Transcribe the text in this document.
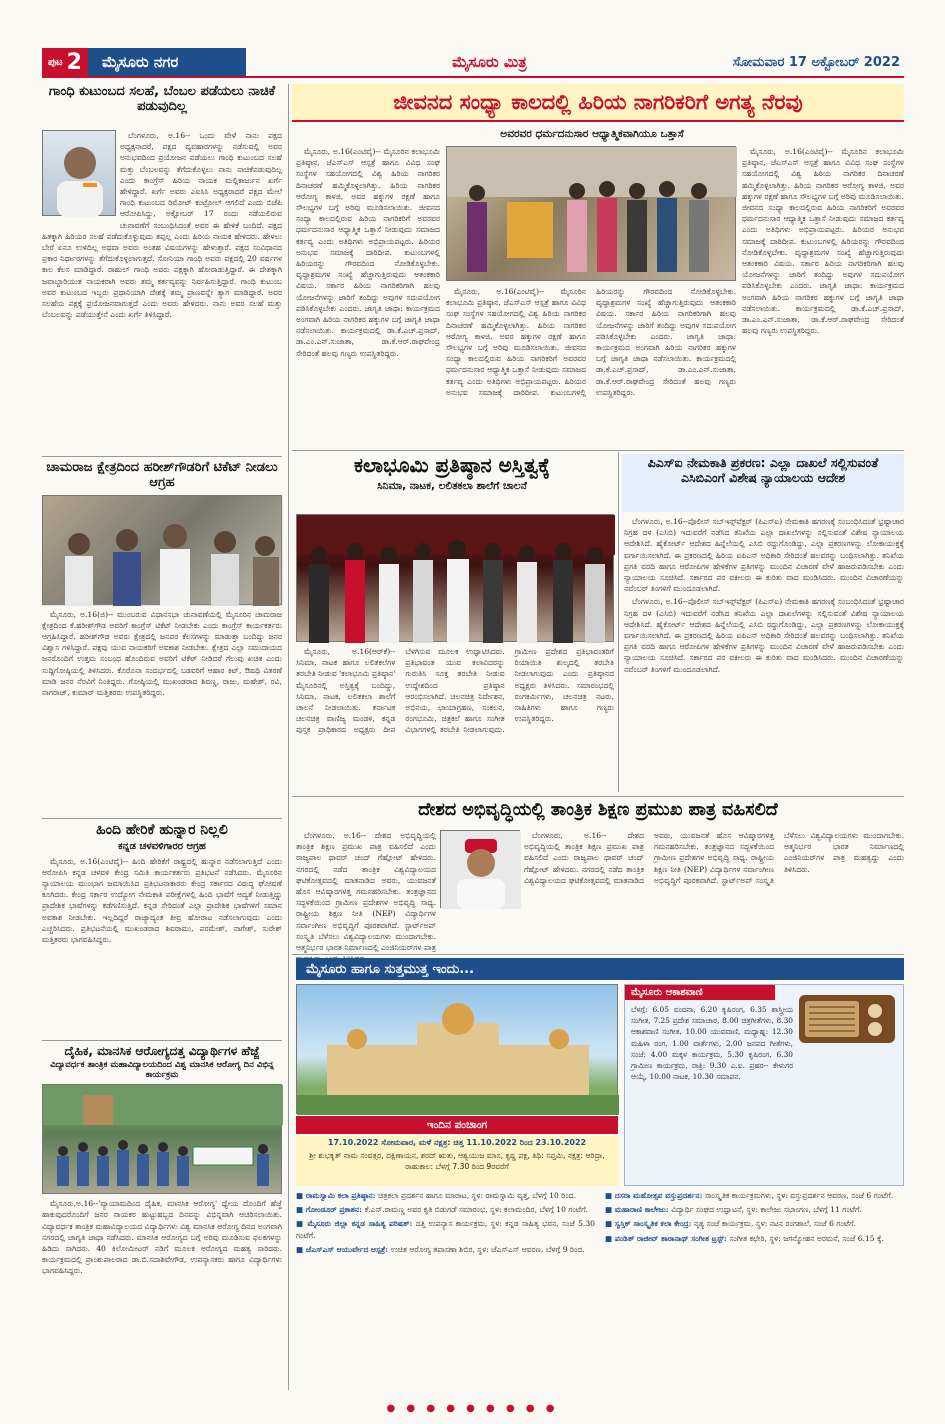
ಪುಟ 2	ಮೈಸೂರು ನಗರ	ಮೈಸೂರು ಮಿತ್ರ	ಸೋಮವಾರ 17 ಅಕ್ಟೋಬರ್ 2022
ಗಾಂಧಿ ಕುಟುಂಬದ ಸಲಹೆ, ಬೆಂಬಲ ಪಡೆಯಲು ನಾಚಿಕೆ ಪಡುವುದಿಲ್ಲ

ಬೆಂಗಳೂರು, ಅ.16-- ಒಂದು ವೇಳೆ ನಾನು ಪಕ್ಷದ ಅಧ್ಯಕ್ಷನಾದರೆ, ಪಕ್ಷದ ವ್ಯವಹಾರಗಳನ್ನು ನಡೆಸುವಲ್ಲಿ ಅವರ ಅನುಭವದಿಂದ ಪ್ರಯೋಜನ ಪಡೆಯಲು ಗಾಂಧಿ ಕುಟುಂಬದ ಸಲಹೆ ಮತ್ತು ಬೆಂಬಲವನ್ನು ತೆಗೆದುಕೊಳ್ಳಲು ನಾನು ನಾಚಿಕೆಪಡುವುದಿಲ್ಲ ಎಂದು ಕಾಂಗ್ರೆಸ್ ಹಿರಿಯ ನಾಯಕ ಮಲ್ಲಿಕಾರ್ಜುನ ಖರ್ಗೆ ಹೇಳಿದ್ದಾರೆ. ಖರ್ಗೆ ಅವರು ಎಐಸಿಸಿ ಅಧ್ಯಕ್ಷರಾದರೆ ಪಕ್ಷದ ಮೇಲೆ ಗಾಂಧಿ ಕುಟುಂಬದ ರಿಮೋಟ್ ಕಂಟ್ರೋಲ್ ಆಗಲಿದೆ ಎಂದು ಬಿಜೆಪಿ ಆರೋಪಿಸಿದ್ದು, ಅಕ್ಟೋಬರ್ 17 ರಂದು ನಡೆಯಲಿರುವ ಚುನಾವಣೆಗೆ ಸಂಬಂಧಿಸಿದಂತೆ ಅವರ ಈ ಹೇಳಿಕೆ ಬಂದಿದೆ. ಪಕ್ಷದ ಹಿತಕ್ಕಾಗಿ ಹಿರಿಯರ ಸಲಹೆ ಪಡೆದುಕೊಳ್ಳುವುದು ತಪ್ಪಲ್ಲ ಎಂದು ಹಿರಿಯ ನಾಯಕ ಹೇಳಿದರು. ಹೇಳಲು ಬೇರೆ ಏನೂ ಉಳಿದಿಲ್ಲ ಅಥವಾ ಅವರು ಅಂತಹ ವಿಷಯಗಳನ್ನು ಹೇಳುತ್ತಾರೆ. ಪಕ್ಷದ ಸಂವಿಧಾನದ ಪ್ರಕಾರ ನಿರ್ಧಾರಗಳನ್ನು ತೆಗೆದುಕೊಳ್ಳಲಾಗುತ್ತದೆ. ಸೋನಿಯಾ ಗಾಂಧಿ ಅವರು ಪಕ್ಷದಲ್ಲಿ 20 ವರ್ಷಗಳ ಕಾಲ ಕೆಲಸ ಮಾಡಿದ್ದಾರೆ. ರಾಹುಲ್ ಗಾಂಧಿ ಅವರು ಪಕ್ಷಕ್ಕಾಗಿ ಹೋರಾಡುತ್ತಿದ್ದಾರೆ. ಈ ದೇಶಕ್ಕಾಗಿ ಜವಾಬ್ದಾರಿಯುತ ನಾಯಕರಾಗಿ ಅವರು ತಮ್ಮ ಕರ್ತವ್ಯವನ್ನು ನಿರ್ವಹಿಸುತ್ತಿದ್ದಾರೆ. ಗಾಂಧಿ ಕುಟುಂಬ ಅವರ ಕುಟುಂಬದ ಇಬ್ಬರು ಪ್ರಧಾನಿಯಾಗಿ ದೇಶಕ್ಕೆ ತಮ್ಮ ಪ್ರಾಣವನ್ನೇ ತ್ಯಾಗ ಮಾಡಿದ್ದಾರೆ. ಅವರ ಸಲಹೆಯ ಪಕ್ಷಕ್ಕೆ ಪ್ರಯೋಜನವಾಗುತ್ತದೆ ಎಂದು ಅವರು ಹೇಳಿದರು. ನಾನು ಅವರ ಸಲಹೆ ಮತ್ತು ಬೆಂಬಲವನ್ನು ಪಡೆಯುತ್ತೇನೆ ಎಂದು ಖರ್ಗೆ ತಿಳಿಸಿದ್ದಾರೆ.

ಚಾಮರಾಜ ಕ್ಷೇತ್ರದಿಂದ ಹರೀಶ್‌ಗೌಡರಿಗೆ ಟಿಕೆಟ್ ನೀಡಲು ಆಗ್ರಹ

ಮೈಸೂರು, ಅ.16(ಜಿ)-- ಮುಂಬರುವ ವಿಧಾನಸಭಾ ಚುನಾವಣೆಯಲ್ಲಿ ಮೈಸೂರಿನ ಚಾಮರಾಜ ಕ್ಷೇತ್ರದಿಂದ ಕೆ.ಹರೀಶ್‌ಗೌಡ ಅವರಿಗೆ ಕಾಂಗ್ರೆಸ್ ಟಿಕೆಟ್ ನೀಡಬೇಕು ಎಂದು ಕಾಂಗ್ರೆಸ್ ಕಾರ್ಯಕರ್ತರು ಆಗ್ರಹಿಸಿದ್ದಾರೆ. ಹರೀಶ್‌ಗೌಡ ಅವರು ಕ್ಷೇತ್ರದಲ್ಲಿ ಜನಪರ ಕೆಲಸಗಳನ್ನು ಮಾಡುತ್ತಾ ಬಂದಿದ್ದು ಜನರ ವಿಶ್ವಾಸ ಗಳಿಸಿದ್ದಾರೆ. ಪಕ್ಷವು ಯುವ ನಾಯಕರಿಗೆ ಅವಕಾಶ ನೀಡಬೇಕು. ಕ್ಷೇತ್ರದ ಎಲ್ಲಾ ಸಮುದಾಯದ ಜನರೊಂದಿಗೆ ಉತ್ತಮ ಸಂಬಂಧ ಹೊಂದಿರುವ ಅವರಿಗೆ ಟಿಕೆಟ್ ನೀಡಿದರೆ ಗೆಲುವು ಖಚಿತ ಎಂದು ಸುದ್ದಿಗೋಷ್ಠಿಯಲ್ಲಿ ತಿಳಿಸಿದರು. ಕೊರೊನಾ ಸಂದರ್ಭದಲ್ಲಿ ಬಡವರಿಗೆ ಆಹಾರ ಕಿಟ್, ಔಷಧಿ ವಿತರಣೆ ಮಾಡಿ ಜನರ ನೆರವಿಗೆ ನಿಂತಿದ್ದರು. ಗೋಷ್ಠಿಯಲ್ಲಿ ಮುಖಂಡರಾದ ಶಿವಣ್ಣ, ರಾಜು, ಮಹೇಶ್, ರವಿ, ನಾಗರಾಜ್, ಕುಮಾರ್ ಮತ್ತಿತರರು ಉಪಸ್ಥಿತರಿದ್ದರು.

ಹಿಂದಿ ಹೇರಿಕೆ ಹುನ್ನಾರ ನಿಲ್ಲಲಿ
ಕನ್ನಡ ಚಳವಳಿಗಾರರ ಆಗ್ರಹ

ಮೈಸೂರು, ಅ.16(ಎಂಟಿವೈ)-- ಹಿಂದಿ ಹೇರಿಕೆಗೆ ರಾಷ್ಟ್ರದಲ್ಲಿ ಹುನ್ನಾರ ನಡೆಸಲಾಗುತ್ತಿದೆ ಎಂದು ಆರೋಪಿಸಿ ಕನ್ನಡ ಚಳವಳಿ ಕೇಂದ್ರ ಸಮಿತಿ ಕಾರ್ಯಕರ್ತರು ಪ್ರತಿಭಟನೆ ನಡೆಸಿದರು. ಮೈಸೂರಿನ ನ್ಯಾಯಾಲಯ ಮುಂಭಾಗ ಜಮಾಯಿಸಿದ ಪ್ರತಿಭಟನಾಕಾರರು ಕೇಂದ್ರ ಸರ್ಕಾರದ ವಿರುದ್ಧ ಘೋಷಣೆ ಕೂಗಿದರು. ಕೇಂದ್ರ ಸರ್ಕಾರ ಉದ್ಯೋಗ ನೇಮಕಾತಿ ಪರೀಕ್ಷೆಗಳಲ್ಲಿ ಹಿಂದಿ ಭಾಷೆಗೆ ಆದ್ಯತೆ ನೀಡುತ್ತಿದ್ದು ಪ್ರಾದೇಶಿಕ ಭಾಷೆಗಳನ್ನು ಕಡೆಗಣಿಸುತ್ತಿದೆ. ಕನ್ನಡ ಸೇರಿದಂತೆ ಎಲ್ಲಾ ಪ್ರಾದೇಶಿಕ ಭಾಷೆಗಳಿಗೆ ಸಮಾನ ಅವಕಾಶ ನೀಡಬೇಕು. ಇಲ್ಲದಿದ್ದರೆ ರಾಜ್ಯಾದ್ಯಂತ ತೀವ್ರ ಹೋರಾಟ ನಡೆಸಲಾಗುವುದು ಎಂದು ಎಚ್ಚರಿಸಿದರು. ಪ್ರತಿಭಟನೆಯಲ್ಲಿ ಮುಖಂಡರಾದ ಶಿವರಾಮು, ಪರಮೇಶ್, ನಾಗೇಶ್, ಸುರೇಶ್ ಮತ್ತಿತರರು ಭಾಗವಹಿಸಿದ್ದರು.

ದೈಹಿಕ, ಮಾನಸಿಕ ಆರೋಗ್ಯದತ್ತ ವಿದ್ಯಾರ್ಥಿಗಳ ಹೆಜ್ಜೆ
ವಿದ್ಯಾವರ್ಧಕ ತಾಂತ್ರಿಕ ಮಹಾವಿದ್ಯಾಲಯದಿಂದ ವಿಶ್ವ ಮಾನಸಿಕ ಆರೋಗ್ಯ ದಿನ ವಿಭಿನ್ನ ಕಾರ್ಯಕ್ರಮ

ಮೈಸೂರು,ಅ.16--'ವ್ಯಾಯಾಮದಿಂದ ದೈಹಿಕ, ಮಾನಸಿಕ ಆರೋಗ್ಯ' ಧ್ಯೇಯ ದೊಂದಿಗೆ ಹೆಜ್ಜೆ ಹಾಕುವುದರೊಂದಿಗೆ ಜನರ ನಾಯಕರ ಹುಟ್ಟುಹಬ್ಬದ ದಿನವನ್ನು ವಿಭಿನ್ನವಾಗಿ ಆಚರಿಸಲಾಯಿತು. ವಿದ್ಯಾವರ್ಧಕ ತಾಂತ್ರಿಕ ಮಹಾವಿದ್ಯಾಲಯದ ವಿದ್ಯಾರ್ಥಿಗಳು ವಿಶ್ವ ಮಾನಸಿಕ ಆರೋಗ್ಯ ದಿನದ ಅಂಗವಾಗಿ ನಗರದಲ್ಲಿ ಜಾಗೃತಿ ಜಾಥಾ ನಡೆಸಿದರು. ಮಾನಸಿಕ ಆರೋಗ್ಯದ ಬಗ್ಗೆ ಅರಿವು ಮೂಡಿಸುವ ಫಲಕಗಳನ್ನು ಹಿಡಿದು ಸಾಗಿದರು. 40 ಕಿಲೋಮೀಟರ್ ನಡಿಗೆ ಮೂಲಕ ಆರೋಗ್ಯದ ಮಹತ್ವ ಸಾರಿದರು. ಕಾರ್ಯಕ್ರಮದಲ್ಲಿ ಪ್ರಾಂಶುಪಾಲರಾದ ಡಾ.ಬಿ.ಸದಾಶಿವೇಗೌಡ, ಉಪನ್ಯಾಸಕರು ಹಾಗೂ ವಿದ್ಯಾರ್ಥಿಗಳು ಭಾಗವಹಿಸಿದ್ದರು.

ಜೀವನದ ಸಂಧ್ಯಾ ಕಾಲದಲ್ಲಿ ಹಿರಿಯ ನಾಗರಿಕರಿಗೆ ಅಗತ್ಯ ನೆರವು
ಅವರವರ ಧರ್ಮದನುಸಾರ ಆಧ್ಯಾತ್ಮಿಕವಾಗಿಯೂ ಒತ್ತಾಸೆ

ಮೈಸೂರು, ಅ.16(ಎಂಟಿವೈ)-- ಮೈಸೂರಿನ ಕಲಾಭೂಮಿ ಪ್ರತಿಷ್ಠಾನ, ಜೆಎಸ್‌ಎಸ್ ಆಸ್ಪತ್ರೆ ಹಾಗೂ ವಿವಿಧ ಸಂಘ ಸಂಸ್ಥೆಗಳ ಸಹಯೋಗದಲ್ಲಿ ವಿಶ್ವ ಹಿರಿಯ ನಾಗರಿಕರ ದಿನಾಚರಣೆ ಹಮ್ಮಿಕೊಳ್ಳಲಾಗಿತ್ತು. ಹಿರಿಯ ನಾಗರಿಕರ ಆರೋಗ್ಯ ಕಾಳಜಿ, ಅವರ ಹಕ್ಕುಗಳ ರಕ್ಷಣೆ ಹಾಗೂ ಸೌಲಭ್ಯಗಳ ಬಗ್ಗೆ ಅರಿವು ಮೂಡಿಸಲಾಯಿತು. ಜೀವನದ ಸಂಧ್ಯಾ ಕಾಲದಲ್ಲಿರುವ ಹಿರಿಯ ನಾಗರಿಕರಿಗೆ ಅವರವರ ಧರ್ಮದನುಸಾರ ಆಧ್ಯಾತ್ಮಿಕ ಒತ್ತಾಸೆ ನೀಡುವುದು ಸಮಾಜದ ಕರ್ತವ್ಯ ಎಂದು ಅತಿಥಿಗಳು ಅಭಿಪ್ರಾಯಪಟ್ಟರು. ಹಿರಿಯರ ಅನುಭವ ಸಮಾಜಕ್ಕೆ ದಾರಿದೀಪ. ಕುಟುಂಬಗಳಲ್ಲಿ ಹಿರಿಯರನ್ನು ಗೌರವದಿಂದ ನೋಡಿಕೊಳ್ಳಬೇಕು. ವೃದ್ಧಾಶ್ರಮಗಳ ಸಂಖ್ಯೆ ಹೆಚ್ಚಾಗುತ್ತಿರುವುದು ಆತಂಕಕಾರಿ ವಿಷಯ. ಸರ್ಕಾರ ಹಿರಿಯ ನಾಗರಿಕರಿಗಾಗಿ ಹಲವು ಯೋಜನೆಗಳನ್ನು ಜಾರಿಗೆ ತಂದಿದ್ದು ಅವುಗಳ ಸದುಪಯೋಗ ಪಡಿಸಿಕೊಳ್ಳಬೇಕು ಎಂದರು. ಜಾಗೃತಿ ಜಾಥಾ: ಕಾರ್ಯಕ್ರಮದ ಅಂಗವಾಗಿ ಹಿರಿಯ ನಾಗರಿಕರ ಹಕ್ಕುಗಳ ಬಗ್ಗೆ ಜಾಗೃತಿ ಜಾಥಾ ನಡೆಸಲಾಯಿತು. ಕಾರ್ಯಕ್ರಮದಲ್ಲಿ ಡಾ.ಕೆ.ಎಚ್.ಪ್ರಸಾದ್, ಡಾ.ಎಂ.ಎನ್.ಸುಜಾತಾ, ಡಾ.ಕೆ.ಆರ್.ರಾಘವೇಂದ್ರ ಸೇರಿದಂತೆ ಹಲವು ಗಣ್ಯರು ಉಪಸ್ಥಿತರಿದ್ದರು.

ಮೈಸೂರು, ಅ.16(ಎಂಟಿವೈ)-- ಮೈಸೂರಿನ ಕಲಾಭೂಮಿ ಪ್ರತಿಷ್ಠಾನ, ಜೆಎಸ್‌ಎಸ್ ಆಸ್ಪತ್ರೆ ಹಾಗೂ ವಿವಿಧ ಸಂಘ ಸಂಸ್ಥೆಗಳ ಸಹಯೋಗದಲ್ಲಿ ವಿಶ್ವ ಹಿರಿಯ ನಾಗರಿಕರ ದಿನಾಚರಣೆ ಹಮ್ಮಿಕೊಳ್ಳಲಾಗಿತ್ತು. ಹಿರಿಯ ನಾಗರಿಕರ ಆರೋಗ್ಯ ಕಾಳಜಿ, ಅವರ ಹಕ್ಕುಗಳ ರಕ್ಷಣೆ ಹಾಗೂ ಸೌಲಭ್ಯಗಳ ಬಗ್ಗೆ ಅರಿವು ಮೂಡಿಸಲಾಯಿತು. ಜೀವನದ ಸಂಧ್ಯಾ ಕಾಲದಲ್ಲಿರುವ ಹಿರಿಯ ನಾಗರಿಕರಿಗೆ ಅವರವರ ಧರ್ಮದನುಸಾರ ಆಧ್ಯಾತ್ಮಿಕ ಒತ್ತಾಸೆ ನೀಡುವುದು ಸಮಾಜದ ಕರ್ತವ್ಯ ಎಂದು ಅತಿಥಿಗಳು ಅಭಿಪ್ರಾಯಪಟ್ಟರು. ಹಿರಿಯರ ಅನುಭವ ಸಮಾಜಕ್ಕೆ ದಾರಿದೀಪ. ಕುಟುಂಬಗಳಲ್ಲಿ ಹಿರಿಯರನ್ನು ಗೌರವದಿಂದ ನೋಡಿಕೊಳ್ಳಬೇಕು. ವೃದ್ಧಾಶ್ರಮಗಳ ಸಂಖ್ಯೆ ಹೆಚ್ಚಾಗುತ್ತಿರುವುದು ಆತಂಕಕಾರಿ ವಿಷಯ. ಸರ್ಕಾರ ಹಿರಿಯ ನಾಗರಿಕರಿಗಾಗಿ ಹಲವು ಯೋಜನೆಗಳನ್ನು ಜಾರಿಗೆ ತಂದಿದ್ದು ಅವುಗಳ ಸದುಪಯೋಗ ಪಡಿಸಿಕೊಳ್ಳಬೇಕು ಎಂದರು. ಜಾಗೃತಿ ಜಾಥಾ: ಕಾರ್ಯಕ್ರಮದ ಅಂಗವಾಗಿ ಹಿರಿಯ ನಾಗರಿಕರ ಹಕ್ಕುಗಳ ಬಗ್ಗೆ ಜಾಗೃತಿ ಜಾಥಾ ನಡೆಸಲಾಯಿತು. ಕಾರ್ಯಕ್ರಮದಲ್ಲಿ ಡಾ.ಕೆ.ಎಚ್.ಪ್ರಸಾದ್, ಡಾ.ಎಂ.ಎನ್.ಸುಜಾತಾ, ಡಾ.ಕೆ.ಆರ್.ರಾಘವೇಂದ್ರ ಸೇರಿದಂತೆ ಹಲವು ಗಣ್ಯರು ಉಪಸ್ಥಿತರಿದ್ದರು.

ಮೈಸೂರು, ಅ.16(ಎಂಟಿವೈ)-- ಮೈಸೂರಿನ ಕಲಾಭೂಮಿ ಪ್ರತಿಷ್ಠಾನ, ಜೆಎಸ್‌ಎಸ್ ಆಸ್ಪತ್ರೆ ಹಾಗೂ ವಿವಿಧ ಸಂಘ ಸಂಸ್ಥೆಗಳ ಸಹಯೋಗದಲ್ಲಿ ವಿಶ್ವ ಹಿರಿಯ ನಾಗರಿಕರ ದಿನಾಚರಣೆ ಹಮ್ಮಿಕೊಳ್ಳಲಾಗಿತ್ತು. ಹಿರಿಯ ನಾಗರಿಕರ ಆರೋಗ್ಯ ಕಾಳಜಿ, ಅವರ ಹಕ್ಕುಗಳ ರಕ್ಷಣೆ ಹಾಗೂ ಸೌಲಭ್ಯಗಳ ಬಗ್ಗೆ ಅರಿವು ಮೂಡಿಸಲಾಯಿತು. ಜೀವನದ ಸಂಧ್ಯಾ ಕಾಲದಲ್ಲಿರುವ ಹಿರಿಯ ನಾಗರಿಕರಿಗೆ ಅವರವರ ಧರ್ಮದನುಸಾರ ಆಧ್ಯಾತ್ಮಿಕ ಒತ್ತಾಸೆ ನೀಡುವುದು ಸಮಾಜದ ಕರ್ತವ್ಯ ಎಂದು ಅತಿಥಿಗಳು ಅಭಿಪ್ರಾಯಪಟ್ಟರು. ಹಿರಿಯರ ಅನುಭವ ಸಮಾಜಕ್ಕೆ ದಾರಿದೀಪ. ಕುಟುಂಬಗಳಲ್ಲಿ ಹಿರಿಯರನ್ನು ಗೌರವದಿಂದ ನೋಡಿಕೊಳ್ಳಬೇಕು. ವೃದ್ಧಾಶ್ರಮಗಳ ಸಂಖ್ಯೆ ಹೆಚ್ಚಾಗುತ್ತಿರುವುದು ಆತಂಕಕಾರಿ ವಿಷಯ. ಸರ್ಕಾರ ಹಿರಿಯ ನಾಗರಿಕರಿಗಾಗಿ ಹಲವು ಯೋಜನೆಗಳನ್ನು ಜಾರಿಗೆ ತಂದಿದ್ದು ಅವುಗಳ ಸದುಪಯೋಗ ಪಡಿಸಿಕೊಳ್ಳಬೇಕು ಎಂದರು. ಜಾಗೃತಿ ಜಾಥಾ: ಕಾರ್ಯಕ್ರಮದ ಅಂಗವಾಗಿ ಹಿರಿಯ ನಾಗರಿಕರ ಹಕ್ಕುಗಳ ಬಗ್ಗೆ ಜಾಗೃತಿ ಜಾಥಾ ನಡೆಸಲಾಯಿತು. ಕಾರ್ಯಕ್ರಮದಲ್ಲಿ ಡಾ.ಕೆ.ಎಚ್.ಪ್ರಸಾದ್, ಡಾ.ಎಂ.ಎನ್.ಸುಜಾತಾ, ಡಾ.ಕೆ.ಆರ್.ರಾಘವೇಂದ್ರ ಸೇರಿದಂತೆ ಹಲವು ಗಣ್ಯರು ಉಪಸ್ಥಿತರಿದ್ದರು.

ಕಲಾಭೂಮಿ ಪ್ರತಿಷ್ಠಾನ ಅಸ್ತಿತ್ವಕ್ಕೆ
ಸಿನಿಮಾ, ನಾಟಕ, ಲಲಿತಕಲಾ ಶಾಲೆಗೆ ಚಾಲನೆ

ಮೈಸೂರು, ಅ.16(ಆರ್‌ಕೆ)-- ಸಿನಿಮಾ, ನಾಟಕ ಹಾಗೂ ಲಲಿತಕಲೆಗಳ ತರಬೇತಿ ನೀಡುವ 'ಕಲಾಭೂಮಿ ಪ್ರತಿಷ್ಠಾನ' ಮೈಸೂರಿನಲ್ಲಿ ಅಸ್ತಿತ್ವಕ್ಕೆ ಬಂದಿದ್ದು, ಸಿನಿಮಾ, ನಾಟಕ, ಲಲಿತಕಲಾ ಶಾಲೆಗೆ ಚಾಲನೆ ನೀಡಲಾಯಿತು. ಕರ್ನಾಟಕ ಚಲನಚಿತ್ರ ವಾಣಿಜ್ಯ ಮಂಡಳಿ, ಕನ್ನಡ ಪುಸ್ತಕ ಪ್ರಾಧಿಕಾರದ ಅಧ್ಯಕ್ಷರು ದೀಪ ಬೆಳಗಿಸುವ ಮೂಲಕ ಉದ್ಘಾಟಿಸಿದರು. ಪ್ರತಿಭಾವಂತ ಯುವ ಕಲಾವಿದರನ್ನು ಗುರುತಿಸಿ ಸೂಕ್ತ ತರಬೇತಿ ನೀಡುವ ಉದ್ದೇಶದಿಂದ ಪ್ರತಿಷ್ಠಾನ ಆರಂಭಿಸಲಾಗಿದೆ. ಚಲನಚಿತ್ರ ನಿರ್ದೇಶನ, ಅಭಿನಯ, ಛಾಯಾಗ್ರಹಣ, ಸಂಕಲನ, ರಂಗಭೂಮಿ, ಚಿತ್ರಕಲೆ ಹಾಗೂ ಸಂಗೀತ ವಿಭಾಗಗಳಲ್ಲಿ ತರಬೇತಿ ನೀಡಲಾಗುವುದು. ಗ್ರಾಮೀಣ ಪ್ರದೇಶದ ಪ್ರತಿಭಾವಂತರಿಗೆ ರಿಯಾಯಿತಿ ಶುಲ್ಕದಲ್ಲಿ ತರಬೇತಿ ನೀಡಲಾಗುವುದು ಎಂದು ಪ್ರತಿಷ್ಠಾನದ ಅಧ್ಯಕ್ಷರು ತಿಳಿಸಿದರು. ಸಮಾರಂಭದಲ್ಲಿ ರಂಗಕರ್ಮಿಗಳು, ಚಲನಚಿತ್ರ ನಟರು, ಸಾಹಿತಿಗಳು ಹಾಗೂ ಗಣ್ಯರು ಉಪಸ್ಥಿತರಿದ್ದರು.

ಪಿಎಸ್‌ಐ ನೇಮಕಾತಿ ಪ್ರಕರಣ: ಎಲ್ಲಾ ದಾಖಲೆ ಸಲ್ಲಿಸುವಂತೆ ಎಸಿಬಿಎಂಗೆ ವಿಶೇಷ ನ್ಯಾಯಾಲಯ ಆದೇಶ

ಬೆಂಗಳೂರು, ಅ.16--ಪೊಲೀಸ್ ಸಬ್‌ಇನ್ಸ್‌ಪೆಕ್ಟರ್ (ಪಿಎಸ್‌ಐ) ನೇಮಕಾತಿ ಹಗರಣಕ್ಕೆ ಸಂಬಂಧಿಸಿದಂತೆ ಭ್ರಷ್ಟಾಚಾರ ನಿಗ್ರಹ ದಳ (ಎಸಿಬಿ) ಇದುವರೆಗೆ ನಡೆಸಿದ ತನಿಖೆಯ ಎಲ್ಲಾ ದಾಖಲೆಗಳನ್ನು ಸಲ್ಲಿಸುವಂತೆ ವಿಶೇಷ ನ್ಯಾಯಾಲಯ ಆದೇಶಿಸಿದೆ. ಹೈಕೋರ್ಟ್ ಆದೇಶದ ಹಿನ್ನೆಲೆಯಲ್ಲಿ ಎಸಿಬಿ ರದ್ದುಗೊಂಡಿದ್ದು, ಎಲ್ಲಾ ಪ್ರಕರಣಗಳನ್ನು ಲೋಕಾಯುಕ್ತಕ್ಕೆ ವರ್ಗಾಯಿಸಲಾಗಿದೆ. ಈ ಪ್ರಕರಣದಲ್ಲಿ ಹಿರಿಯ ಐಪಿಎಸ್ ಅಧಿಕಾರಿ ಸೇರಿದಂತೆ ಹಲವರನ್ನು ಬಂಧಿಸಲಾಗಿತ್ತು. ತನಿಖೆಯ ಪ್ರಗತಿ ವರದಿ ಹಾಗೂ ಆರೋಪಿಗಳ ಹೇಳಿಕೆಗಳ ಪ್ರತಿಗಳನ್ನು ಮುಂದಿನ ವಿಚಾರಣೆ ವೇಳೆ ಹಾಜರುಪಡಿಸಬೇಕು ಎಂದು ನ್ಯಾಯಾಲಯ ಸೂಚಿಸಿದೆ. ಸರ್ಕಾರದ ಪರ ವಕೀಲರು ಈ ಕುರಿತು ವಾದ ಮಂಡಿಸಿದರು. ಮುಂದಿನ ವಿಚಾರಣೆಯನ್ನು ನವೆಂಬರ್ ತಿಂಗಳಿಗೆ ಮುಂದೂಡಲಾಗಿದೆ.

ಬೆಂಗಳೂರು, ಅ.16--ಪೊಲೀಸ್ ಸಬ್‌ಇನ್ಸ್‌ಪೆಕ್ಟರ್ (ಪಿಎಸ್‌ಐ) ನೇಮಕಾತಿ ಹಗರಣಕ್ಕೆ ಸಂಬಂಧಿಸಿದಂತೆ ಭ್ರಷ್ಟಾಚಾರ ನಿಗ್ರಹ ದಳ (ಎಸಿಬಿ) ಇದುವರೆಗೆ ನಡೆಸಿದ ತನಿಖೆಯ ಎಲ್ಲಾ ದಾಖಲೆಗಳನ್ನು ಸಲ್ಲಿಸುವಂತೆ ವಿಶೇಷ ನ್ಯಾಯಾಲಯ ಆದೇಶಿಸಿದೆ. ಹೈಕೋರ್ಟ್ ಆದೇಶದ ಹಿನ್ನೆಲೆಯಲ್ಲಿ ಎಸಿಬಿ ರದ್ದುಗೊಂಡಿದ್ದು, ಎಲ್ಲಾ ಪ್ರಕರಣಗಳನ್ನು ಲೋಕಾಯುಕ್ತಕ್ಕೆ ವರ್ಗಾಯಿಸಲಾಗಿದೆ. ಈ ಪ್ರಕರಣದಲ್ಲಿ ಹಿರಿಯ ಐಪಿಎಸ್ ಅಧಿಕಾರಿ ಸೇರಿದಂತೆ ಹಲವರನ್ನು ಬಂಧಿಸಲಾಗಿತ್ತು. ತನಿಖೆಯ ಪ್ರಗತಿ ವರದಿ ಹಾಗೂ ಆರೋಪಿಗಳ ಹೇಳಿಕೆಗಳ ಪ್ರತಿಗಳನ್ನು ಮುಂದಿನ ವಿಚಾರಣೆ ವೇಳೆ ಹಾಜರುಪಡಿಸಬೇಕು ಎಂದು ನ್ಯಾಯಾಲಯ ಸೂಚಿಸಿದೆ. ಸರ್ಕಾರದ ಪರ ವಕೀಲರು ಈ ಕುರಿತು ವಾದ ಮಂಡಿಸಿದರು. ಮುಂದಿನ ವಿಚಾರಣೆಯನ್ನು ನವೆಂಬರ್ ತಿಂಗಳಿಗೆ ಮುಂದೂಡಲಾಗಿದೆ.

ದೇಶದ ಅಭಿವೃದ್ಧಿಯಲ್ಲಿ ತಾಂತ್ರಿಕ ಶಿಕ್ಷಣ ಪ್ರಮುಖ ಪಾತ್ರ ವಹಿಸಲಿದೆ

ಬೆಂಗಳೂರು, ಅ.16-- ದೇಶದ ಅಭಿವೃದ್ಧಿಯಲ್ಲಿ ತಾಂತ್ರಿಕ ಶಿಕ್ಷಣ ಪ್ರಮುಖ ಪಾತ್ರ ವಹಿಸಲಿದೆ ಎಂದು ರಾಜ್ಯಪಾಲ ಥಾವರ್ ಚಂದ್ ಗೆಹ್ಲೋಟ್ ಹೇಳಿದರು. ನಗರದಲ್ಲಿ ನಡೆದ ತಾಂತ್ರಿಕ ವಿಶ್ವವಿದ್ಯಾಲಯದ ಘಟಿಕೋತ್ಸವದಲ್ಲಿ ಮಾತನಾಡಿದ ಅವರು, ಯುವಜನತೆ ಹೊಸ ಆವಿಷ್ಕಾರಗಳತ್ತ ಗಮನಹರಿಸಬೇಕು. ತಂತ್ರಜ್ಞಾನದ ಸದ್ಬಳಕೆಯಿಂದ ಗ್ರಾಮೀಣ ಪ್ರದೇಶಗಳ ಅಭಿವೃದ್ಧಿ ಸಾಧ್ಯ. ರಾಷ್ಟ್ರೀಯ ಶಿಕ್ಷಣ ನೀತಿ (NEP) ವಿದ್ಯಾರ್ಥಿಗಳ ಸರ್ವಾಂಗೀಣ ಅಭಿವೃದ್ಧಿಗೆ ಪೂರಕವಾಗಿದೆ. ಸ್ಟಾರ್ಟ್‌ಅಪ್ ಸಂಸ್ಕೃತಿ ಬೆಳೆಸಲು ವಿಶ್ವವಿದ್ಯಾಲಯಗಳು ಮುಂದಾಗಬೇಕು. ಆತ್ಮನಿರ್ಭರ ಭಾರತ ನಿರ್ಮಾಣದಲ್ಲಿ ಎಂಜಿನಿಯರ್‌ಗಳ ಪಾತ್ರ

ಬೆಂಗಳೂರು, ಅ.16-- ದೇಶದ ಅಭಿವೃದ್ಧಿಯಲ್ಲಿ ತಾಂತ್ರಿಕ ಶಿಕ್ಷಣ ಪ್ರಮುಖ ಪಾತ್ರ ವಹಿಸಲಿದೆ ಎಂದು ರಾಜ್ಯಪಾಲ ಥಾವರ್ ಚಂದ್ ಗೆಹ್ಲೋಟ್ ಹೇಳಿದರು. ನಗರದಲ್ಲಿ ನಡೆದ ತಾಂತ್ರಿಕ ವಿಶ್ವವಿದ್ಯಾಲಯದ ಘಟಿಕೋತ್ಸವದಲ್ಲಿ ಮಾತನಾಡಿದ ಅವರು, ಯುವಜನತೆ ಹೊಸ ಆವಿಷ್ಕಾರಗಳತ್ತ ಗಮನಹರಿಸಬೇಕು. ತಂತ್ರಜ್ಞಾನದ ಸದ್ಬಳಕೆಯಿಂದ ಗ್ರಾಮೀಣ ಪ್ರದೇಶಗಳ ಅಭಿವೃದ್ಧಿ ಸಾಧ್ಯ. ರಾಷ್ಟ್ರೀಯ ಶಿಕ್ಷಣ ನೀತಿ (NEP) ವಿದ್ಯಾರ್ಥಿಗಳ ಸರ್ವಾಂಗೀಣ ಅಭಿವೃದ್ಧಿಗೆ ಪೂರಕವಾಗಿದೆ. ಸ್ಟಾರ್ಟ್‌ಅಪ್ ಸಂಸ್ಕೃತಿ ಬೆಳೆಸಲು ವಿಶ್ವವಿದ್ಯಾಲಯಗಳು ಮುಂದಾಗಬೇಕು. ಆತ್ಮನಿರ್ಭರ ಭಾರತ ನಿರ್ಮಾಣದಲ್ಲಿ ಎಂಜಿನಿಯರ್‌ಗಳ ಪಾತ್ರ ಮಹತ್ವದ್ದು ಎಂದು ತಿಳಿಸಿದರು.

ಮೈಸೂರು ಹಾಗೂ ಸುತ್ತಮುತ್ತ ಇಂದು...
ಇಂದಿನ ಪಂಚಾಂಗ
17.10.2022 ಸೋಮವಾರ, ಮಳೆ ನಕ್ಷತ್ರ: ಚಿತ್ತ 11.10.2022 ರಿಂದ 23.10.2022
ಶ್ರೀ ಶುಭಕೃತ್ ನಾಮ ಸಂವತ್ಸರ, ದಕ್ಷಿಣಾಯನ, ಶರದ್ ಋತು, ಆಶ್ವಯುಜ ಮಾಸ, ಕೃಷ್ಣ ಪಕ್ಷ, ತಿಥಿ: ಸಪ್ತಮಿ, ನಕ್ಷತ್ರ: ಆರಿದ್ರಾ, ರಾಹುಕಾಲ: ಬೆಳಗ್ಗೆ 7.30 ರಿಂದ 9ರವರೆಗೆ
ಮೈಸೂರು ಆಕಾಶವಾಣಿ
ಬೆಳಗ್ಗೆ: 6.05 ವಂದನಾ, 6.20 ಕೃಷಿರಂಗ, 6.35 ಶಾಸ್ತ್ರೀಯ ಸಂಗೀತ, 7.25 ಪ್ರದೇಶ ಸಮಾಚಾರ, 8.00 ಚಿತ್ರಗೀತೆಗಳು, 8.30 ಆಕಾಶವಾಣಿ ಸಂಗೀತ, 10.00 ಯುವವಾಣಿ, ಮಧ್ಯಾಹ್ನ: 12.30 ಮಹಿಳಾ ರಂಗ, 1.00 ವಾರ್ತೆಗಳು, 2.00 ಜನಪದ ಗೀತೆಗಳು, ಸಂಜೆ: 4.00 ಮಕ್ಕಳ ಕಾರ್ಯಕ್ರಮ, 5.30 ಕೃಷಿರಂಗ, 6.30 ಗ್ರಾಮೀಣ ಕಾರ್ಯಕ್ರಮ, ರಾತ್ರಿ: 9.30 ಎ.ಐ. ಪ್ರಹರ-- ಕೇಳುಗರ ಆಯ್ಕೆ, 10.00 ನಾಟಕ, 10.30 ಸಮಾಪನ.
■ ರಾಮಸ್ವಾಮಿ ಕಲಾ ಪ್ರತಿಷ್ಠಾನ: ಚಿತ್ರಕಲಾ ಪ್ರದರ್ಶನ ಹಾಗೂ ಮಾರಾಟ, ಸ್ಥಳ: ರಾಮಸ್ವಾಮಿ ವೃತ್ತ, ಬೆಳಗ್ಗೆ 10 ರಿಂದ.
■ ಗೋಂಡೂರ್ ಪ್ರಕಾಶನ: ಕೆ.ಎಸ್.ರಾಮಣ್ಣ ಅವರ ಕೃತಿ ಬಿಡುಗಡೆ ಸಮಾರಂಭ, ಸ್ಥಳ: ಕಲಾಮಂದಿರ, ಬೆಳಗ್ಗೆ 10 ಗಂಟೆಗೆ.
■ ಮೈಸೂರು ಜಿಲ್ಲಾ ಕನ್ನಡ ಸಾಹಿತ್ಯ ಪರಿಷತ್: ದತ್ತಿ ಉಪನ್ಯಾಸ ಕಾರ್ಯಕ್ರಮ, ಸ್ಥಳ: ಕನ್ನಡ ಸಾಹಿತ್ಯ ಭವನ, ಸಂಜೆ 5.30 ಗಂಟೆಗೆ.
■ ಜೆಎಸ್‌ಎಸ್ ಆಯುರ್ವೇದ ಆಸ್ಪತ್ರೆ: ಉಚಿತ ಆರೋಗ್ಯ ತಪಾಸಣಾ ಶಿಬಿರ, ಸ್ಥಳ: ಜೆಎಸ್‌ಎಸ್ ಆವರಣ, ಬೆಳಗ್ಗೆ 9 ರಿಂದ.
■ ದಸರಾ ಮಹೋತ್ಸವ ವಸ್ತುಪ್ರದರ್ಶನ: ಸಾಂಸ್ಕೃತಿಕ ಕಾರ್ಯಕ್ರಮಗಳು, ಸ್ಥಳ: ವಸ್ತುಪ್ರದರ್ಶನ ಆವರಣ, ಸಂಜೆ 6 ಗಂಟೆಗೆ.
■ ಮಹಾರಾಣಿ ಕಾಲೇಜು: ವಿದ್ಯಾರ್ಥಿ ಸಂಘದ ಉದ್ಘಾಟನೆ, ಸ್ಥಳ: ಕಾಲೇಜು ಸಭಾಂಗಣ, ಬೆಳಗ್ಗೆ 11 ಗಂಟೆಗೆ.
■ ಸ್ವಸ್ತಿಕ್ ಸಾಂಸ್ಕೃತಿಕ ಕಲಾ ಕೇಂದ್ರ: ನೃತ್ಯ ಸಂಜೆ ಕಾರ್ಯಕ್ರಮ, ಸ್ಥಳ: ನಟನ ರಂಗಶಾಲೆ, ಸಂಜೆ 6 ಗಂಟೆಗೆ.
■ ಪಂಡಿತ್ ರಾಜೀವ್ ತಾರಾನಾಥ್ ಸಂಗೀತ ಟ್ರಸ್ಟ್: ಸಂಗೀತ ಕಛೇರಿ, ಸ್ಥಳ: ಜಗನ್ಮೋಹನ ಅರಮನೆ, ಸಂಜೆ 6.15 ಕ್ಕೆ.
● ● ● ● ● ● ● ● ●
